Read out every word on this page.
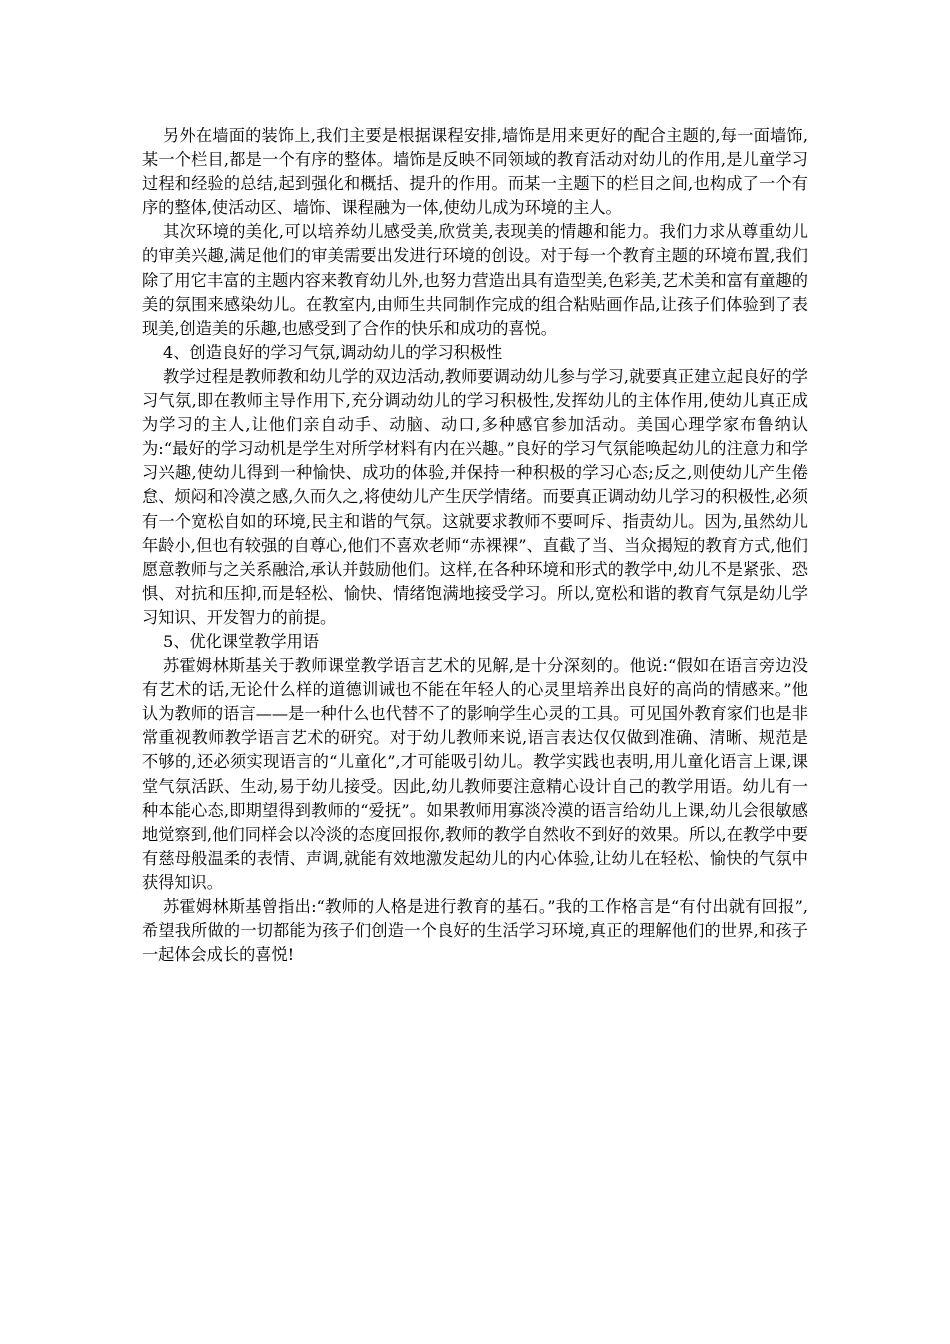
另外在墙面的装饰上,我们主要是根据课程安排,墙饰是用来更好的配合主题的,每一面墙饰,某一个栏目,都是一个有序的整体。墙饰是反映不同领域的教育活动对幼儿的作用,是儿童学习过程和经验的总结,起到强化和概括、提升的作用。而某一主题下的栏目之间,也构成了一个有序的整体,使活动区、墙饰、课程融为一体,使幼儿成为环境的主人。

其次环境的美化,可以培养幼儿感受美,欣赏美,表现美的情趣和能力。我们力求从尊重幼儿的审美兴趣,满足他们的审美需要出发进行环境的创设。对于每一个教育主题的环境布置,我们除了用它丰富的主题内容来教育幼儿外,也努力营造出具有造型美,色彩美,艺术美和富有童趣的美的氛围来感染幼儿。在教室内,由师生共同制作完成的组合粘贴画作品,让孩子们体验到了表现美,创造美的乐趣,也感受到了合作的快乐和成功的喜悦。

4、创造良好的学习气氛,调动幼儿的学习积极性

教学过程是教师教和幼儿学的双边活动,教师要调动幼儿参与学习,就要真正建立起良好的学习气氛,即在教师主导作用下,充分调动幼儿的学习积极性,发挥幼儿的主体作用,使幼儿真正成为学习的主人,让他们亲自动手、动脑、动口,多种感官参加活动。美国心理学家布鲁纳认为:“最好的学习动机是学生对所学材料有内在兴趣。”良好的学习气氛能唤起幼儿的注意力和学习兴趣,使幼儿得到一种愉快、成功的体验,并保持一种积极的学习心态;反之,则使幼儿产生倦怠、烦闷和冷漠之感,久而久之,将使幼儿产生厌学情绪。而要真正调动幼儿学习的积极性,必须有一个宽松自如的环境,民主和谐的气氛。这就要求教师不要呵斥、指责幼儿。因为,虽然幼儿年龄小,但也有较强的自尊心,他们不喜欢老师“赤裸裸”、直截了当、当众揭短的教育方式,他们愿意教师与之关系融洽,承认并鼓励他们。这样,在各种环境和形式的教学中,幼儿不是紧张、恐惧、对抗和压抑,而是轻松、愉快、情绪饱满地接受学习。所以,宽松和谐的教育气氛是幼儿学习知识、开发智力的前提。

5、优化课堂教学用语

苏霍姆林斯基关于教师课堂教学语言艺术的见解,是十分深刻的。他说:“假如在语言旁边没有艺术的话,无论什么样的道德训诫也不能在年轻人的心灵里培养出良好的高尚的情感来。”他认为教师的语言——是一种什么也代替不了的影响学生心灵的工具。可见国外教育家们也是非常重视教师教学语言艺术的研究。对于幼儿教师来说,语言表达仅仅做到准确、清晰、规范是不够的,还必须实现语言的“儿童化”,才可能吸引幼儿。教学实践也表明,用儿童化语言上课,课堂气氛活跃、生动,易于幼儿接受。因此,幼儿教师要注意精心设计自己的教学用语。幼儿有一种本能心态,即期望得到教师的“爱抚”。如果教师用寡淡冷漠的语言给幼儿上课,幼儿会很敏感地觉察到,他们同样会以冷淡的态度回报你,教师的教学自然收不到好的效果。所以,在教学中要有慈母般温柔的表情、声调,就能有效地激发起幼儿的内心体验,让幼儿在轻松、愉快的气氛中获得知识。

苏霍姆林斯基曾指出:“教师的人格是进行教育的基石。”我的工作格言是“有付出就有回报”,希望我所做的一切都能为孩子们创造一个良好的生活学习环境,真正的理解他们的世界,和孩子一起体会成长的喜悦!
